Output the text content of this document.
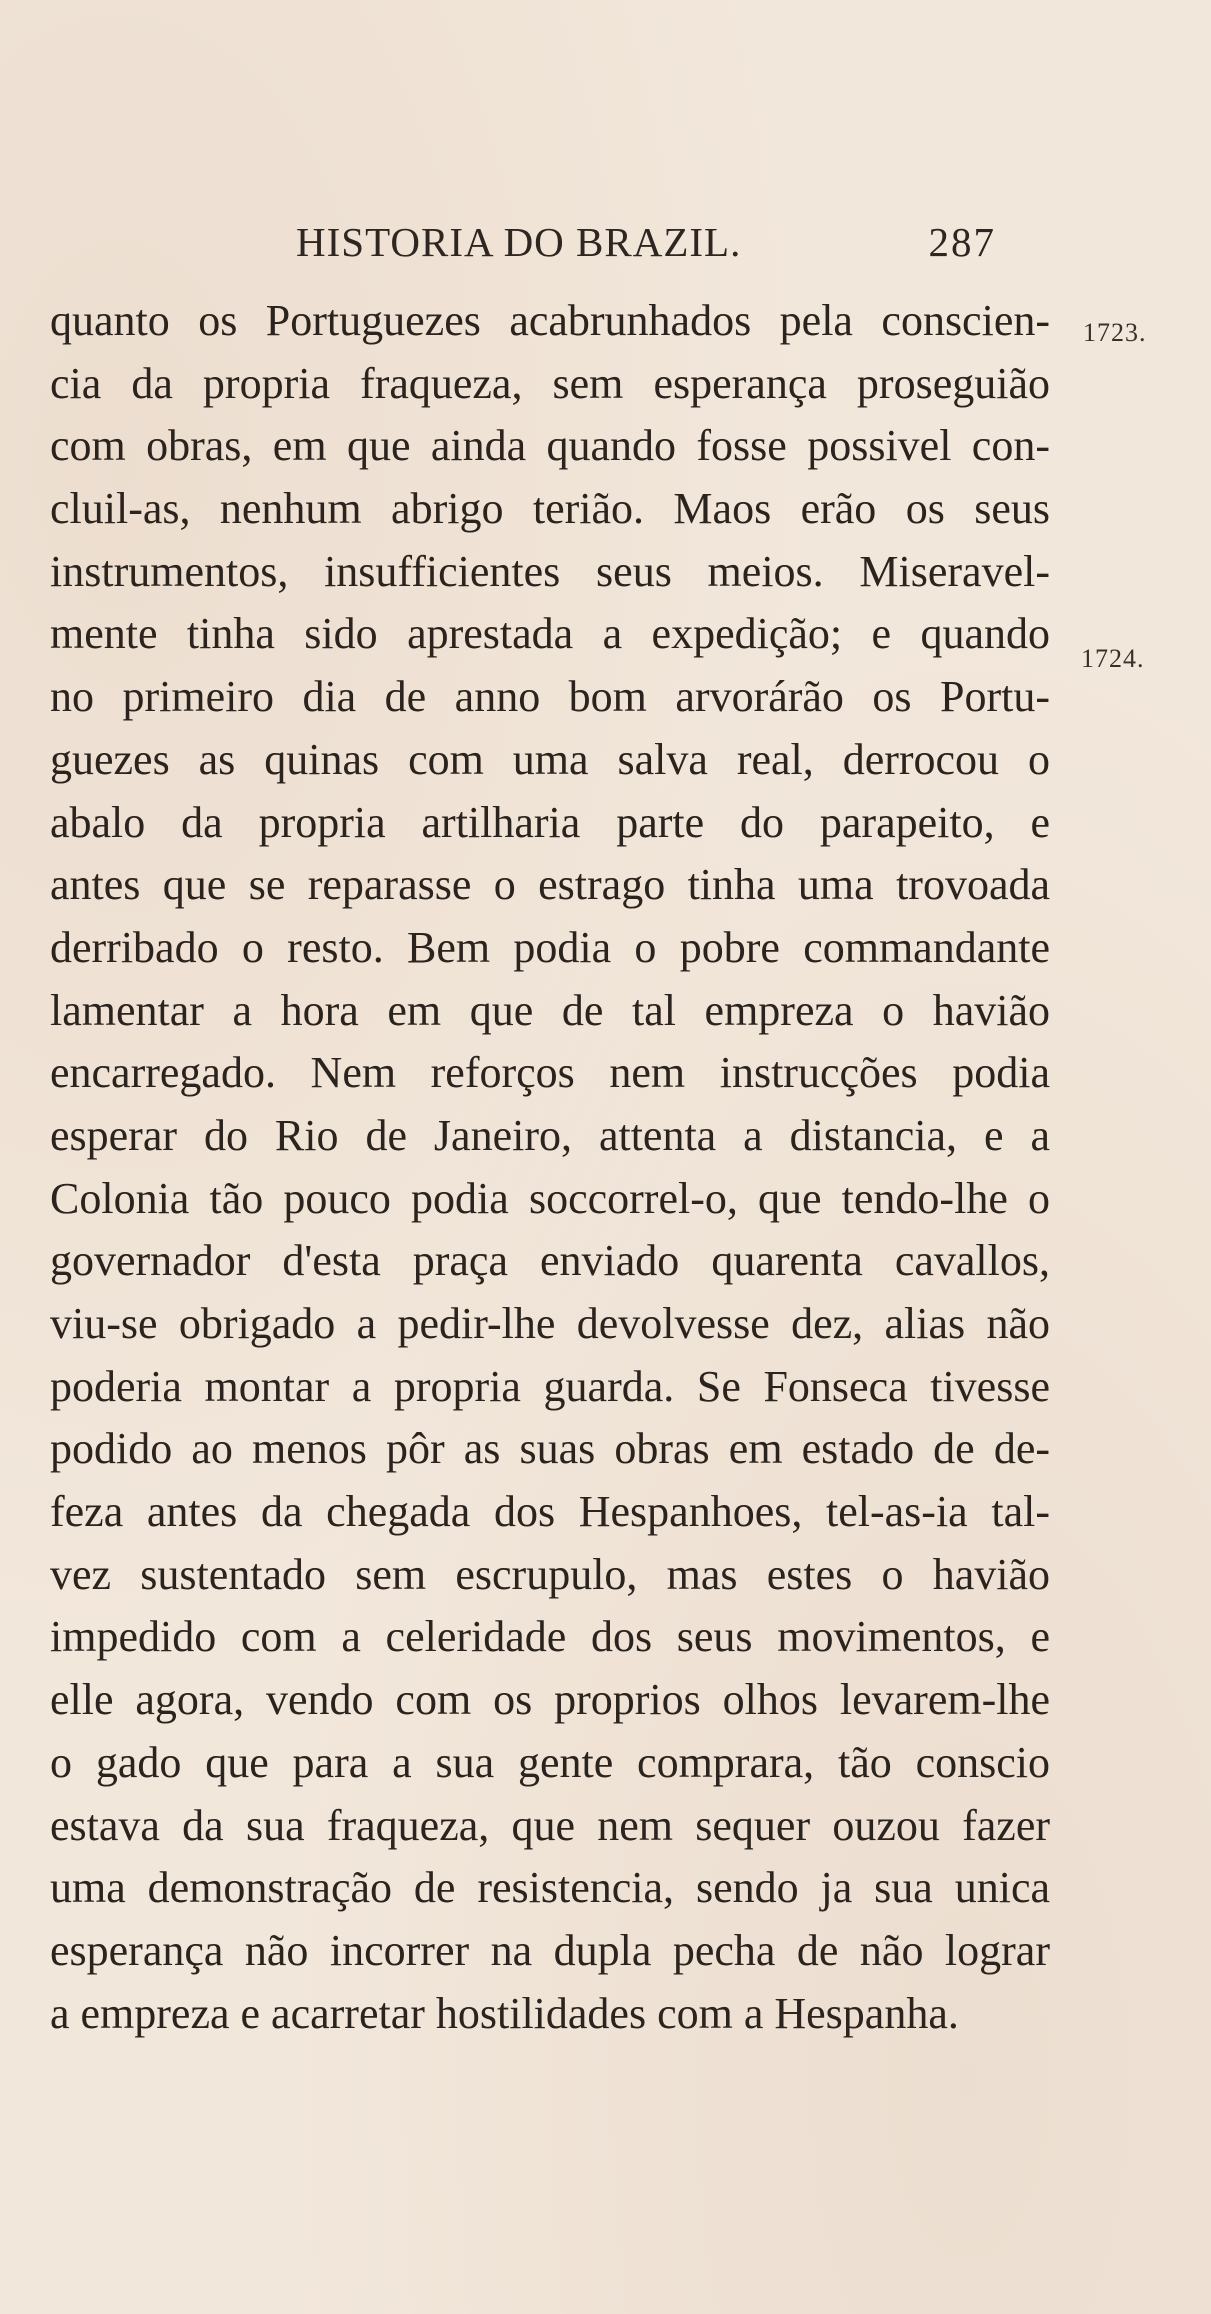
HISTORIA DO BRAZIL.	287
1723.
1724.
quanto os Portuguezes acabrunhados pela conscien-
cia da propria fraqueza, sem esperança proseguião
com obras, em que ainda quando fosse possivel con-
cluil-as, nenhum abrigo terião. Maos erão os seus
instrumentos, insufficientes seus meios. Miseravel-
mente tinha sido aprestada a expedição; e quando
no primeiro dia de anno bom arvorárão os Portu-
guezes as quinas com uma salva real, derrocou o
abalo da propria artilharia parte do parapeito, e
antes que se reparasse o estrago tinha uma trovoada
derribado o resto. Bem podia o pobre commandante
lamentar a hora em que de tal empreza o havião
encarregado. Nem reforços nem instrucções podia
esperar do Rio de Janeiro, attenta a distancia, e a
Colonia tão pouco podia soccorrel-o, que tendo-lhe o
governador d'esta praça enviado quarenta cavallos,
viu-se obrigado a pedir-lhe devolvesse dez, alias não
poderia montar a propria guarda. Se Fonseca tivesse
podido ao menos pôr as suas obras em estado de de-
feza antes da chegada dos Hespanhoes, tel-as-ia tal-
vez sustentado sem escrupulo, mas estes o havião
impedido com a celeridade dos seus movimentos, e
elle agora, vendo com os proprios olhos levarem-lhe
o gado que para a sua gente comprara, tão conscio
estava da sua fraqueza, que nem sequer ouzou fazer
uma demonstração de resistencia, sendo ja sua unica
esperança não incorrer na dupla pecha de não lograr
a empreza e acarretar hostilidades com a Hespanha.
